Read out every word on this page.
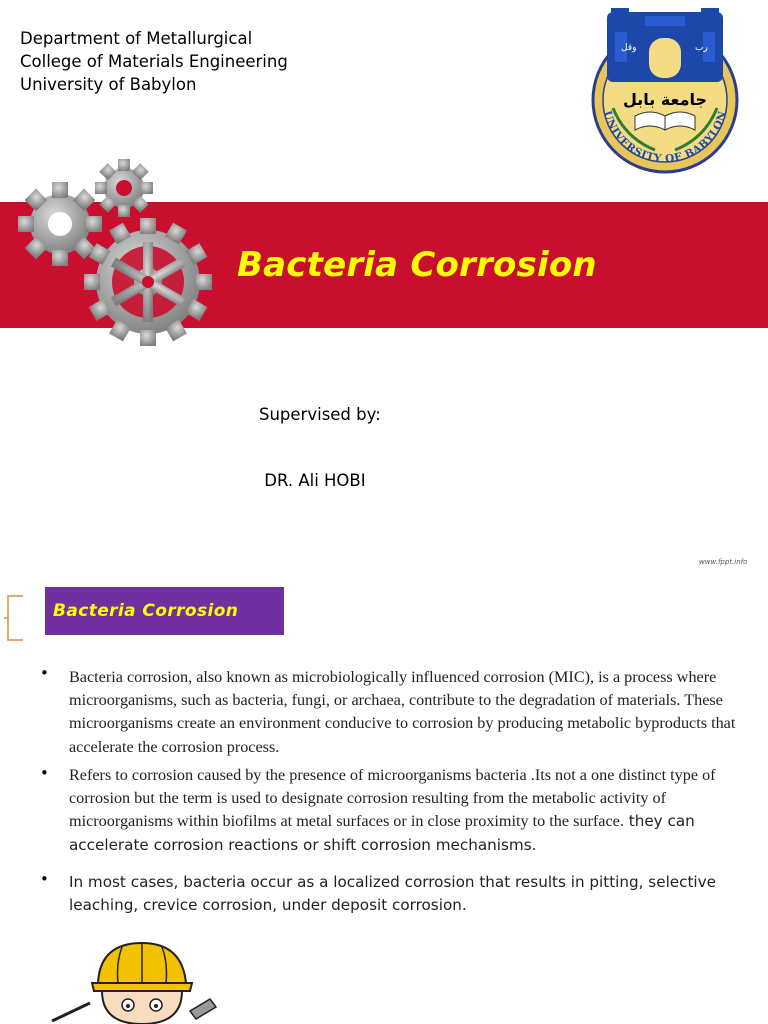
Department of Metallurgical
College of Materials Engineering
University of Babylon
وقل	رب
جامعة بابل
UNIVERSITY OF BABYLON
Bacteria Corrosion

Supervised by:

DR. Ali HOBI

www.fppt.info
Bacteria Corrosion
• Bacteria corrosion, also known as microbiologically influenced corrosion (MIC), is a process where microorganisms, such as bacteria, fungi, or archaea, contribute to the degradation of materials. These microorganisms create an environment conducive to corrosion by producing metabolic byproducts that accelerate the corrosion process.
• Refers to corrosion caused by the presence of microorganisms bacteria .Its not a one distinct type of corrosion but the term is used to designate corrosion resulting from the metabolic activity of microorganisms within biofilms at metal surfaces or in close proximity to the surface. they can accelerate corrosion reactions or shift corrosion mechanisms.
• In most cases, bacteria occur as a localized corrosion that results in pitting, selective leaching, crevice corrosion, under deposit corrosion.
